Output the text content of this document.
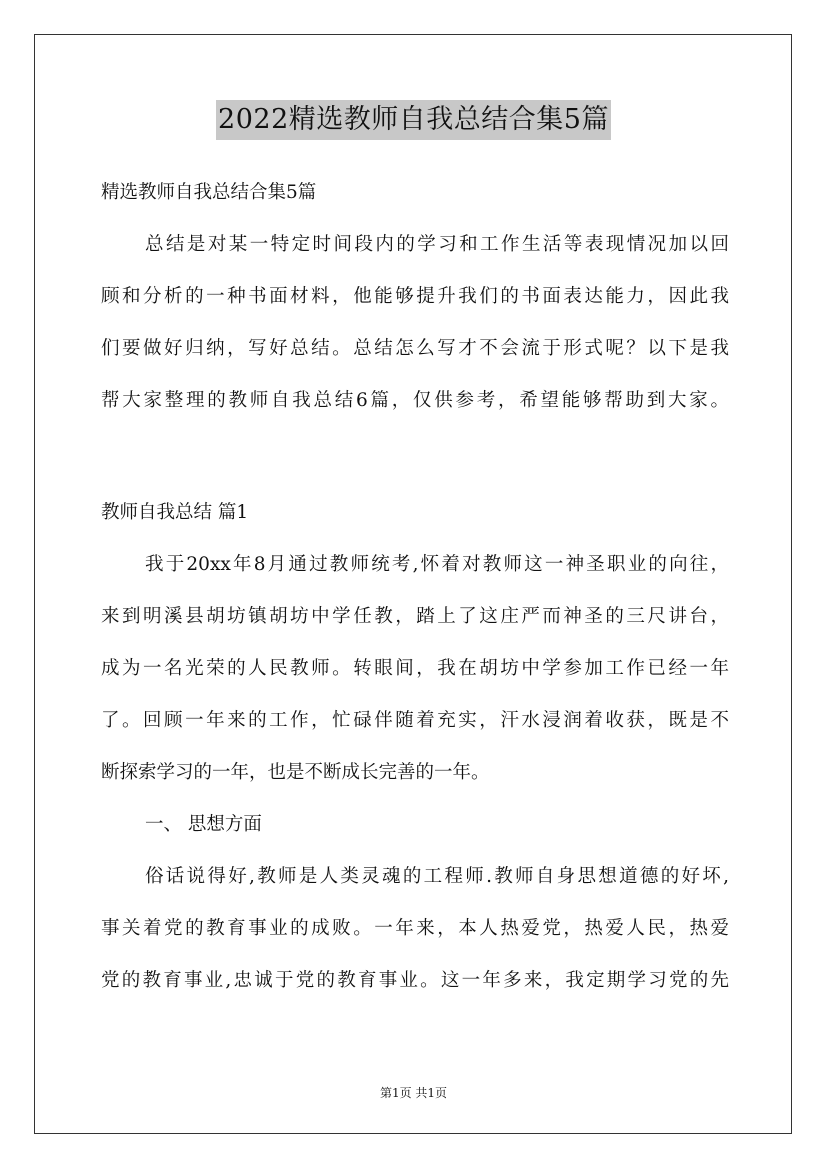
2022精选教师自我总结合集5篇
精选教师自我总结合集5篇
总结是对某一特定时间段内的学习和工作生活等表现情况加以回
顾和分析的一种书面材料，他能够提升我们的书面表达能力，因此我
们要做好归纳，写好总结。总结怎么写才不会流于形式呢？以下是我
帮大家整理的教师自我总结6篇，仅供参考，希望能够帮助到大家。
教师自我总结 篇1
我于20xx年8月通过教师统考,怀着对教师这一神圣职业的向往，
来到明溪县胡坊镇胡坊中学任教，踏上了这庄严而神圣的三尺讲台，
成为一名光荣的人民教师。转眼间，我在胡坊中学参加工作已经一年
了。回顾一年来的工作，忙碌伴随着充实，汗水浸润着收获，既是不
断探索学习的一年，也是不断成长完善的一年。
一、 思想方面
俗话说得好,教师是人类灵魂的工程师.教师自身思想道德的好坏,
事关着党的教育事业的成败。一年来，本人热爱党，热爱人民，热爱
党的教育事业,忠诚于党的教育事业。这一年多来，我定期学习党的先
第1页 共1页
